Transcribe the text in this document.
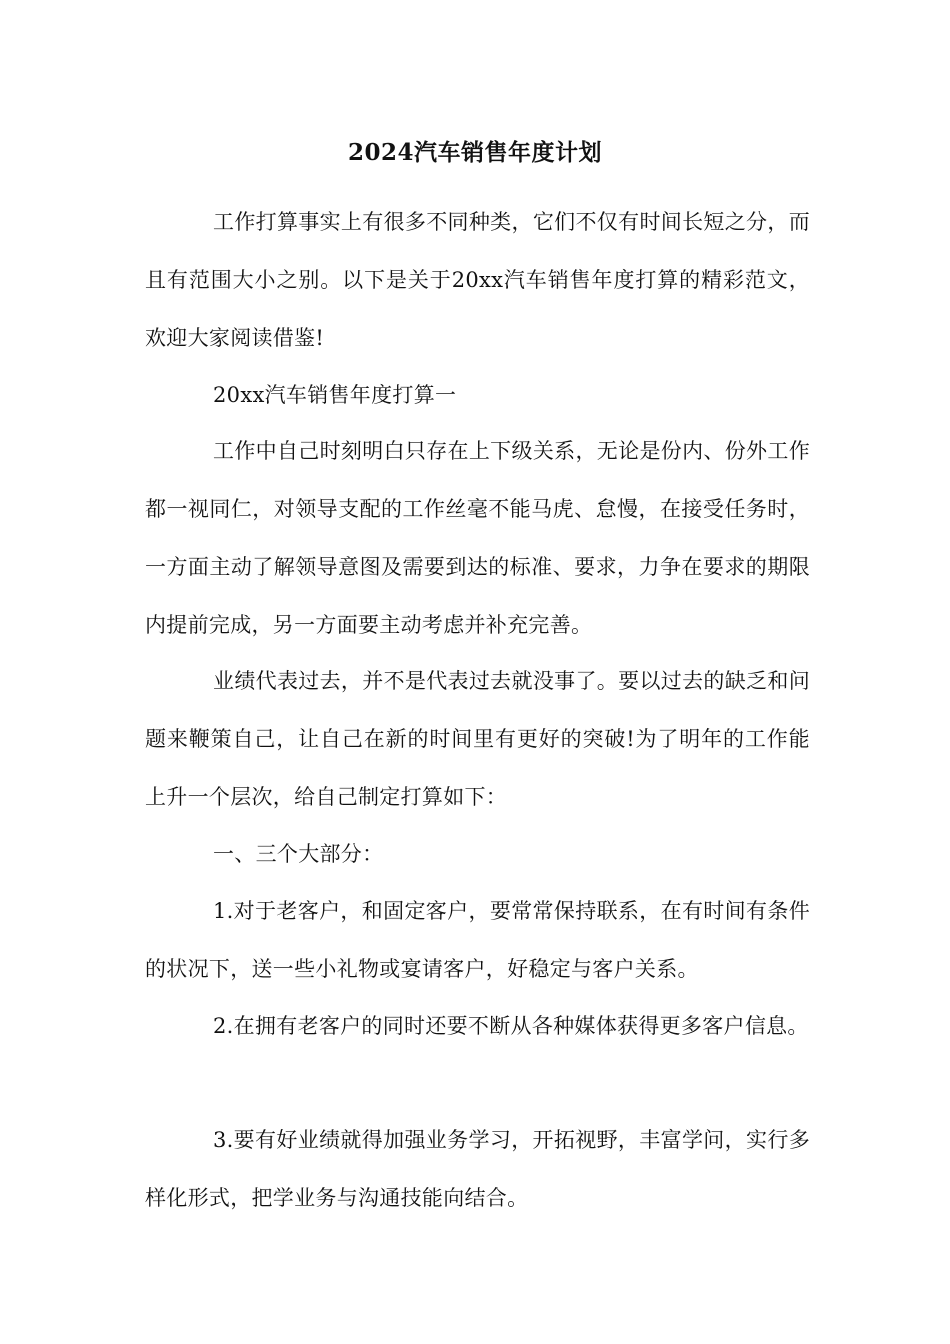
2024汽车销售年度计划

工作打算事实上有很多不同种类，它们不仅有时间长短之分，而且有范围大小之别。以下是关于20xx汽车销售年度打算的精彩范文，欢迎大家阅读借鉴!

20xx汽车销售年度打算一

工作中自己时刻明白只存在上下级关系，无论是份内、份外工作都一视同仁，对领导支配的工作丝毫不能马虎、怠慢，在接受任务时，一方面主动了解领导意图及需要到达的标准、要求，力争在要求的期限内提前完成，另一方面要主动考虑并补充完善。

业绩代表过去，并不是代表过去就没事了。要以过去的缺乏和问题来鞭策自己，让自己在新的时间里有更好的突破!为了明年的工作能上升一个层次，给自己制定打算如下：

一、三个大部分：

1.对于老客户，和固定客户，要常常保持联系，在有时间有条件的状况下，送一些小礼物或宴请客户，好稳定与客户关系。

2.在拥有老客户的同时还要不断从各种媒体获得更多客户信息。

3.要有好业绩就得加强业务学习，开拓视野，丰富学问，实行多样化形式，把学业务与沟通技能向结合。
